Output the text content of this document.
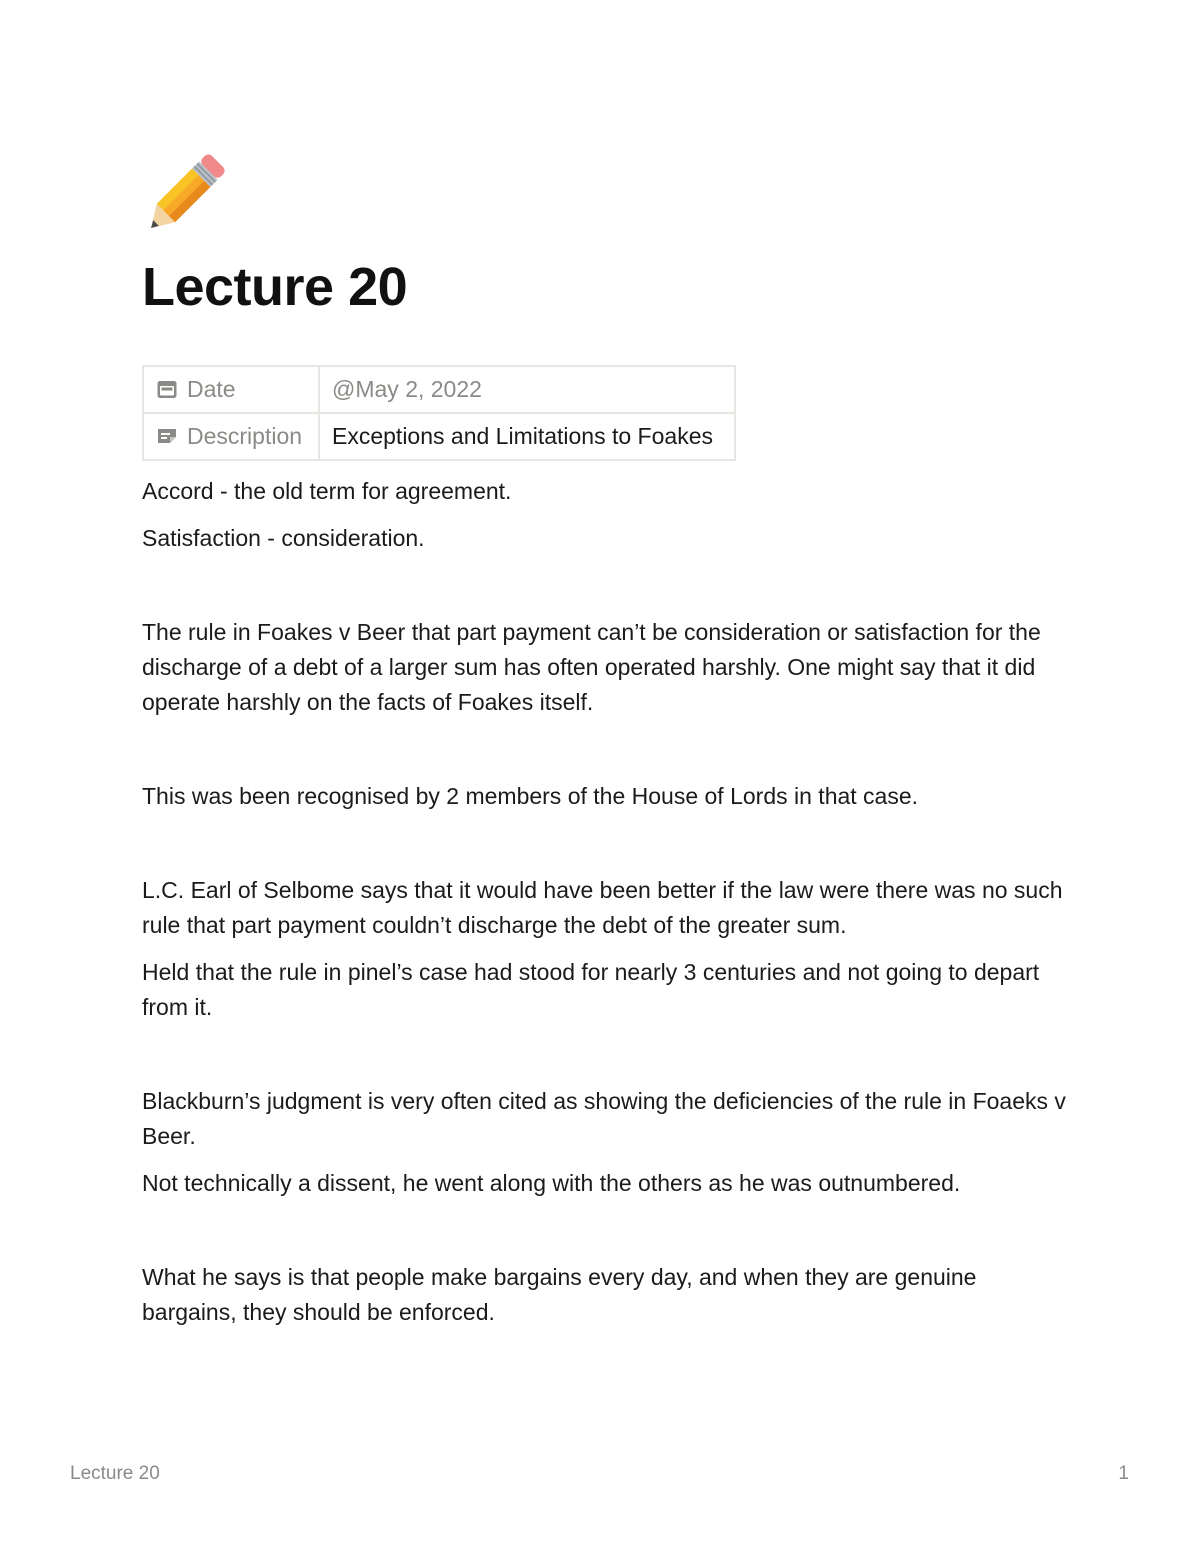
Lecture 20
Date	@May 2, 2022
Description	Exceptions and Limitations to Foakes

Accord - the old term for agreement.

Satisfaction - consideration.

The rule in Foakes v Beer that part payment can’t be consideration or satisfaction for the discharge of a debt of a larger sum has often operated harshly. One might say that it did operate harshly on the facts of Foakes itself.

This was been recognised by 2 members of the House of Lords in that case.

L.C. Earl of Selbome says that it would have been better if the law were there was no such rule that part payment couldn’t discharge the debt of the greater sum.

Held that the rule in pinel’s case had stood for nearly 3 centuries and not going to depart from it.

Blackburn’s judgment is very often cited as showing the deficiencies of the rule in Foaeks v Beer.

Not technically a dissent, he went along with the others as he was outnumbered.

What he says is that people make bargains every day, and when they are genuine bargains, they should be enforced.

Lecture 20	1
